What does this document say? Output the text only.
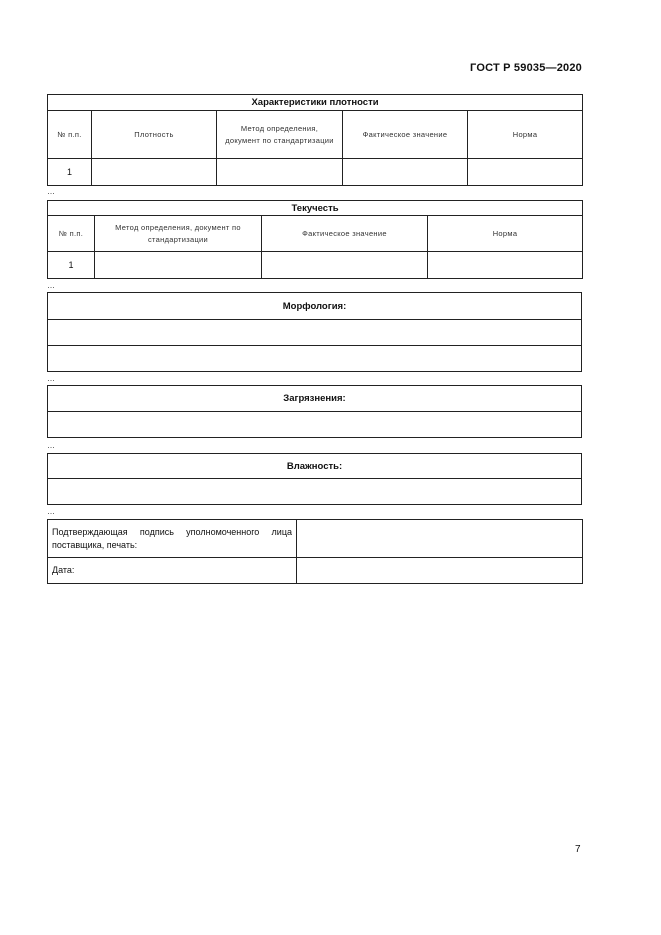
ГОСТ Р 59035—2020
Характеристики плотности				
№ п.п.	Плотность	Метод определения, документ по стандартизации	Фактическое значение	Норма
1				
…
Текучесть			
№ п.п.	Метод определения, документ по стандартизации	Фактическое значение	Норма
1			
…
Морфология:

…
Загрязнения:

…
Влажность:

…
Подтверждающая подпись уполномоченного лица поставщика, печать:	
Дата:	
7
